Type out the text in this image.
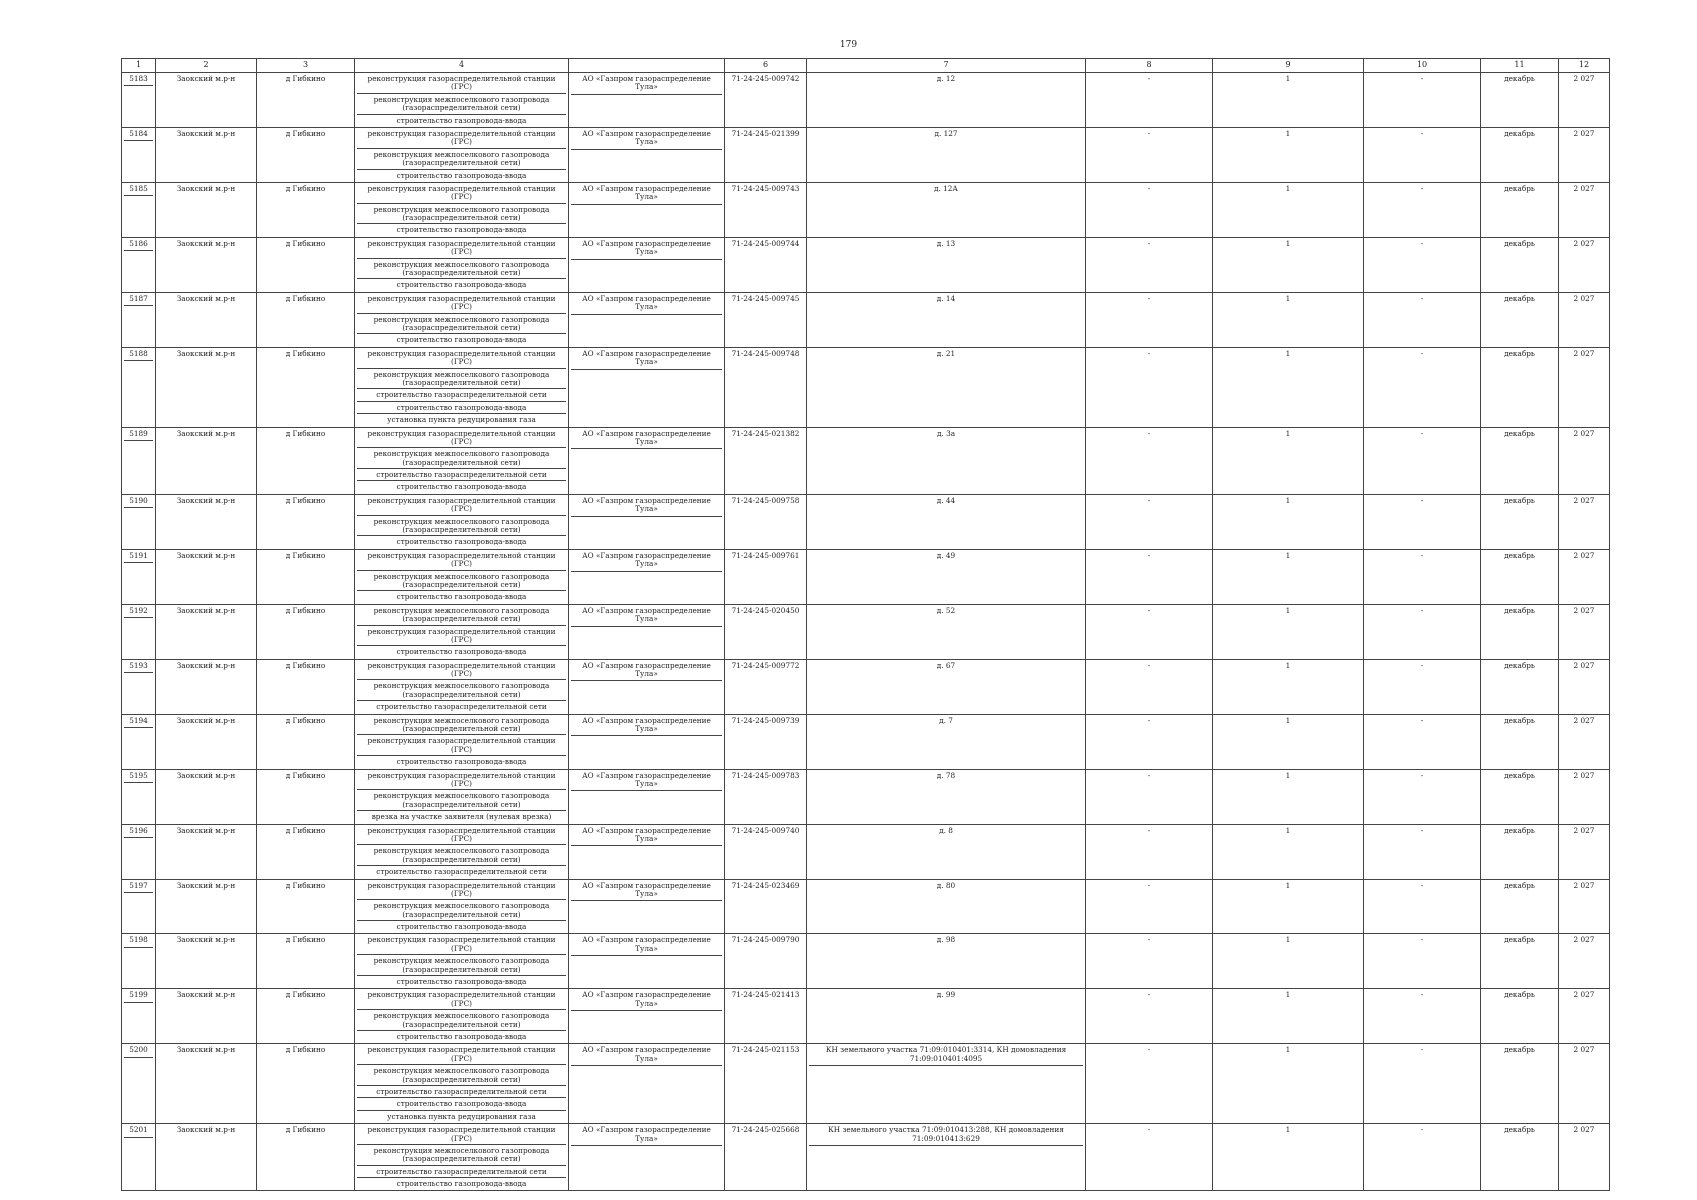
179
1	2	3	4		6	7	8	9	10	11	12

5183	Заокский м.р-н	д Гибкино	реконструкция газораспределительной станции (ГРС)
реконструкция межпоселкового газопровода (газораспределительной сети)
строительство газопровода-ввода	АО «Газпром газораспределение Тула»	71-24-245-009742	д. 12	-	1	-	декабрь	2 027

5184	Заокский м.р-н	д Гибкино	реконструкция газораспределительной станции (ГРС)
реконструкция межпоселкового газопровода (газораспределительной сети)
строительство газопровода-ввода	АО «Газпром газораспределение Тула»	71-24-245-021399	д. 127	-	1	-	декабрь	2 027

5185	Заокский м.р-н	д Гибкино	реконструкция газораспределительной станции (ГРС)
реконструкция межпоселкового газопровода (газораспределительной сети)
строительство газопровода-ввода	АО «Газпром газораспределение Тула»	71-24-245-009743	д. 12А	-	1	-	декабрь	2 027

5186	Заокский м.р-н	д Гибкино	реконструкция газораспределительной станции (ГРС)
реконструкция межпоселкового газопровода (газораспределительной сети)
строительство газопровода-ввода	АО «Газпром газораспределение Тула»	71-24-245-009744	д. 13	-	1	-	декабрь	2 027

5187	Заокский м.р-н	д Гибкино	реконструкция газораспределительной станции (ГРС)
реконструкция межпоселкового газопровода (газораспределительной сети)
строительство газопровода-ввода	АО «Газпром газораспределение Тула»	71-24-245-009745	д. 14	-	1	-	декабрь	2 027

5188	Заокский м.р-н	д Гибкино	реконструкция газораспределительной станции (ГРС)
реконструкция межпоселкового газопровода (газораспределительной сети)
строительство газораспределительной сети
строительство газопровода-ввода
установка пункта редуцирования газа	АО «Газпром газораспределение Тула»	71-24-245-009748	д. 21	-	1	-	декабрь	2 027

5189	Заокский м.р-н	д Гибкино	реконструкция газораспределительной станции (ГРС)
реконструкция межпоселкового газопровода (газораспределительной сети)
строительство газораспределительной сети
строительство газопровода-ввода	АО «Газпром газораспределение Тула»	71-24-245-021382	д. 3а	-	1	-	декабрь	2 027

5190	Заокский м.р-н	д Гибкино	реконструкция газораспределительной станции (ГРС)
реконструкция межпоселкового газопровода (газораспределительной сети)
строительство газопровода-ввода	АО «Газпром газораспределение Тула»	71-24-245-009758	д. 44	-	1	-	декабрь	2 027

5191	Заокский м.р-н	д Гибкино	реконструкция газораспределительной станции (ГРС)
реконструкция межпоселкового газопровода (газораспределительной сети)
строительство газопровода-ввода	АО «Газпром газораспределение Тула»	71-24-245-009761	д. 49	-	1	-	декабрь	2 027

5192	Заокский м.р-н	д Гибкино	реконструкция межпоселкового газопровода (газораспределительной сети)
реконструкция газораспределительной станции (ГРС)
строительство газопровода-ввода	АО «Газпром газораспределение Тула»	71-24-245-020450	д. 52	-	1	-	декабрь	2 027

5193	Заокский м.р-н	д Гибкино	реконструкция газораспределительной станции (ГРС)
реконструкция межпоселкового газопровода (газораспределительной сети)
строительство газораспределительной сети	АО «Газпром газораспределение Тула»	71-24-245-009772	д. 67	-	1	-	декабрь	2 027

5194	Заокский м.р-н	д Гибкино	реконструкция межпоселкового газопровода (газораспределительной сети)
реконструкция газораспределительной станции (ГРС)
строительство газопровода-ввода	АО «Газпром газораспределение Тула»	71-24-245-009739	д. 7	-	1	-	декабрь	2 027

5195	Заокский м.р-н	д Гибкино	реконструкция газораспределительной станции (ГРС)
реконструкция межпоселкового газопровода (газораспределительной сети)
врезка на участке заявителя (нулевая врезка)	АО «Газпром газораспределение Тула»	71-24-245-009783	д. 78	-	1	-	декабрь	2 027

5196	Заокский м.р-н	д Гибкино	реконструкция газораспределительной станции (ГРС)
реконструкция межпоселкового газопровода (газораспределительной сети)
строительство газораспределительной сети	АО «Газпром газораспределение Тула»	71-24-245-009740	д. 8	-	1	-	декабрь	2 027

5197	Заокский м.р-н	д Гибкино	реконструкция газораспределительной станции (ГРС)
реконструкция межпоселкового газопровода (газораспределительной сети)
строительство газопровода-ввода	АО «Газпром газораспределение Тула»	71-24-245-023469	д. 80	-	1	-	декабрь	2 027

5198	Заокский м.р-н	д Гибкино	реконструкция газораспределительной станции (ГРС)
реконструкция межпоселкового газопровода (газораспределительной сети)
строительство газопровода-ввода	АО «Газпром газораспределение Тула»	71-24-245-009790	д. 98	-	1	-	декабрь	2 027

5199	Заокский м.р-н	д Гибкино	реконструкция газораспределительной станции (ГРС)
реконструкция межпоселкового газопровода (газораспределительной сети)
строительство газопровода-ввода	АО «Газпром газораспределение Тула»	71-24-245-021413	д. 99	-	1	-	декабрь	2 027

5200	Заокский м.р-н	д Гибкино	реконструкция газораспределительной станции (ГРС)
реконструкция межпоселкового газопровода (газораспределительной сети)
строительство газораспределительной сети
строительство газопровода-ввода
установка пункта редуцирования газа	АО «Газпром газораспределение Тула»	71-24-245-021153	КН земельного участка 71:09:010401:3314, КН домовладения 71:09:010401:4095	-	1	-	декабрь	2 027

5201	Заокский м.р-н	д Гибкино	реконструкция газораспределительной станции (ГРС)
реконструкция межпоселкового газопровода (газораспределительной сети)
строительство газораспределительной сети
строительство газопровода-ввода	АО «Газпром газораспределение Тула»	71-24-245-025668	КН земельного участка 71:09:010413:288, КН домовладения 71:09:010413:629	-	1	-	декабрь	2 027
